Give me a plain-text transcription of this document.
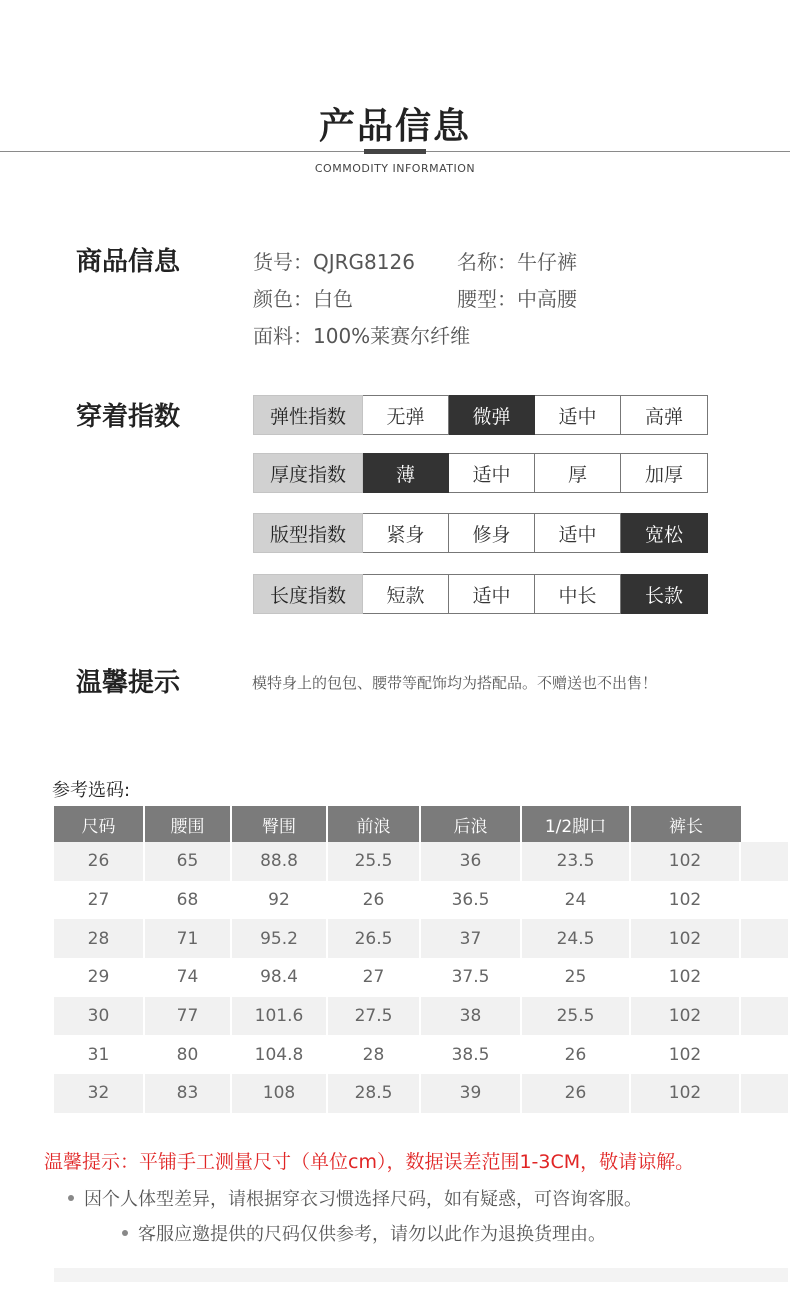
产品信息
COMMODITY INFORMATION
商品信息	货号：QJRG8126 名称：牛仔裤
颜色：白色	腰型：中高腰
面料：100%莱赛尔纤维
穿着指数	弹性指数	无弹	微弹	适中	高弹
厚度指数	薄	适中	厚	加厚
版型指数	紧身	修身	适中	宽松
长度指数	短款	适中	中长	长款
温馨提示	模特身上的包包、腰带等配饰均为搭配品。不赠送也不出售！
参考选码:
尺码	腰围	臀围	前浪	后浪	1/2脚口	裤长
26	65	88.8	25.5	36	23.5	102
27	68	92	26	36.5	24	102
28	71	95.2	26.5	37	24.5	102
29	74	98.4	27	37.5	25	102
30	77	101.6	27.5	38	25.5	102
31	80	104.8	28	38.5	26	102
32	83	108	28.5	39	26	102
温馨提示：平铺手工测量尺寸（单位cm），数据误差范围1-3CM，敬请谅解。
因个人体型差异，请根据穿衣习惯选择尺码，如有疑惑，可咨询客服。
客服应邀提供的尺码仅供参考，请勿以此作为退换货理由。
